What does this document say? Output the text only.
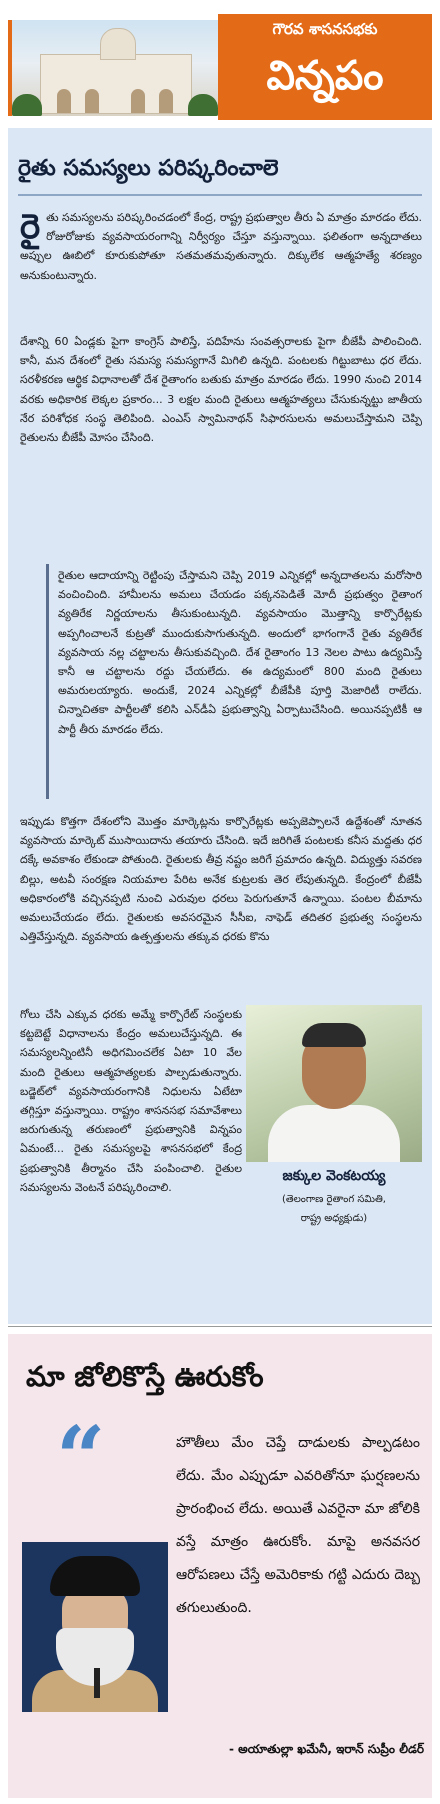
గౌరవ శాసనసభకు
విన్నపం
రైతు సమస్యలు పరిష్కరించాలె

రైతు సమస్యలను పరిష్కరించడంలో కేంద్ర, రాష్ట్ర ప్రభుత్వాల తీరు ఏ మాత్రం మారడం లేదు. రోజురోజుకు వ్యవసాయరంగాన్ని నిర్వీర్యం చేస్తూ వస్తున్నాయి. ఫలితంగా అన్నదాతలు అప్పుల ఊబిలో కూరుకుపోతూ సతమతమవుతున్నారు. దిక్కులేక ఆత్మహత్యే శరణ్యం అనుకుంటున్నారు.

దేశాన్ని 60 ఏండ్లకు పైగా కాంగ్రెస్‌ పాలిస్తే, పదిహేను సంవత్సరాలకు పైగా బీజేపీ పాలించింది. కానీ, మన దేశంలో రైతు సమస్య సమస్యగానే మిగిలి ఉన్నది. పంటలకు గిట్టుబాటు ధర లేదు. సరళీకరణ ఆర్థిక విధానాలతో దేశ రైతాంగం బతుకు మాత్రం మారడం లేదు. 1990 నుంచి 2014 వరకు అధికారిక లెక్కల ప్రకారం... 3 లక్షల మంది రైతులు ఆత్మహత్యలు చేసుకున్నట్టు జాతీయ నేర పరిశోధక సంస్థ తెలిపింది. ఎంఎస్‌ స్వామినాథన్‌ సిఫారసులను అమలుచేస్తామని చెప్పి రైతులను బీజేపీ మోసం చేసింది.

రైతుల ఆదాయాన్ని రెట్టింపు చేస్తామని చెప్పి 2019 ఎన్నికల్లో అన్నదాతలను మరోసారి వంచించింది. హామీలను అమలు చేయడం పక్కనపెడితే మోదీ ప్రభుత్వం రైతాంగ వ్యతిరేక నిర్ణయాలను తీసుకుంటున్నది. వ్యవసాయం మొత్తాన్ని కార్పొరేట్లకు అప్పగించాలనే కుట్రతో ముందుకుసాగుతున్నది. అందులో భాగంగానే రైతు వ్యతిరేక వ్యవసాయ నల్ల చట్టాలను తీసుకువచ్చింది. దేశ రైతాంగం 13 నెలల పాటు ఉద్యమిస్తే కానీ ఆ చట్టాలను రద్దు చేయలేదు. ఈ ఉద్యమంలో 800 మంది రైతులు అమరులయ్యారు. అందుకే, 2024 ఎన్నికల్లో బీజేపీకి పూర్తి మెజారిటీ రాలేదు. చిన్నాచితకా పార్టీలతో కలిసి ఎన్‌డీఏ ప్రభుత్వాన్ని ఏర్పాటుచేసింది. అయినప్పటికీ ఆ పార్టీ తీరు మారడం లేదు.

ఇప్పుడు కొత్తగా దేశంలోని మొత్తం మార్కెట్లను కార్పొరేట్లకు అప్పజెప్పాలనే ఉద్దేశంతో నూతన వ్యవసాయ మార్కెట్‌ ముసాయిదాను తయారు చేసింది. ఇదే జరిగితే పంటలకు కనీస మద్దతు ధర దక్కే అవకాశం లేకుండా పోతుంది. రైతులకు తీవ్ర నష్టం జరిగే ప్రమాదం ఉన్నది. విద్యుత్తు సవరణ బిల్లు, అటవీ సంరక్షణ నియమాల పేరిట అనేక కుట్రలకు తెర లేపుతున్నది. కేంద్రంలో బీజేపీ అధికారంలోకి వచ్చినప్పటి నుంచి ఎరువుల ధరలు పెరుగుతూనే ఉన్నాయి. పంటల బీమాను అమలుచేయడం లేదు. రైతులకు అవసరమైన సీసీఐ, నాఫెడ్‌ తదితర ప్రభుత్వ సంస్థలను ఎత్తివేస్తున్నది. వ్యవసాయ ఉత్పత్తులను తక్కువ ధరకు కొను

గోలు చేసి ఎక్కువ ధరకు అమ్మే కార్పొరేట్‌ సంస్థలకు కట్టబెట్టే విధానాలను కేంద్రం అమలుచేస్తున్నది. ఈ సమస్యలన్నింటినీ అధిగమించలేక ఏటా 10 వేల మంది రైతులు ఆత్మహత్యలకు పాల్పడుతున్నారు. బడ్జెట్‌లో వ్యవసాయరంగానికి నిధులను ఏటేటా తగ్గిస్తూ వస్తున్నాయి. రాష్ట్రం శాసనసభ సమావేశాలు జరుగుతున్న తరుణంలో ప్రభుత్వానికి విన్నపం ఏమంటే... రైతు సమస్యలపై శాసనసభలో కేంద్ర ప్రభుత్వానికి తీర్మానం చేసి పంపించాలి. రైతుల సమస్యలను వెంటనే పరిష్కరించాలి.

జక్కుల వెంకటయ్య
(తెలంగాణ రైతాంగ సమితి,
రాష్ట్ర అధ్యక్షుడు)
మా జోలికొస్తే ఊరుకోం
“	హౌతీలు మేం చెప్తే దాడులకు పాల్పడటం లేదు. మేం ఎప్పుడూ ఎవరితోనూ ఘర్షణలను ప్రారంభించ లేదు. అయితే ఎవరైనా మా జోలికి వస్తే మాత్రం ఊరుకోం. మాపై అనవసర ఆరోపణలు చేస్తే అమెరికాకు గట్టి ఎదురు దెబ్బ తగులుతుంది.

- అయాతుల్లా ఖమేనీ, ఇరాన్‌ సుప్రీం లీడర్‌
